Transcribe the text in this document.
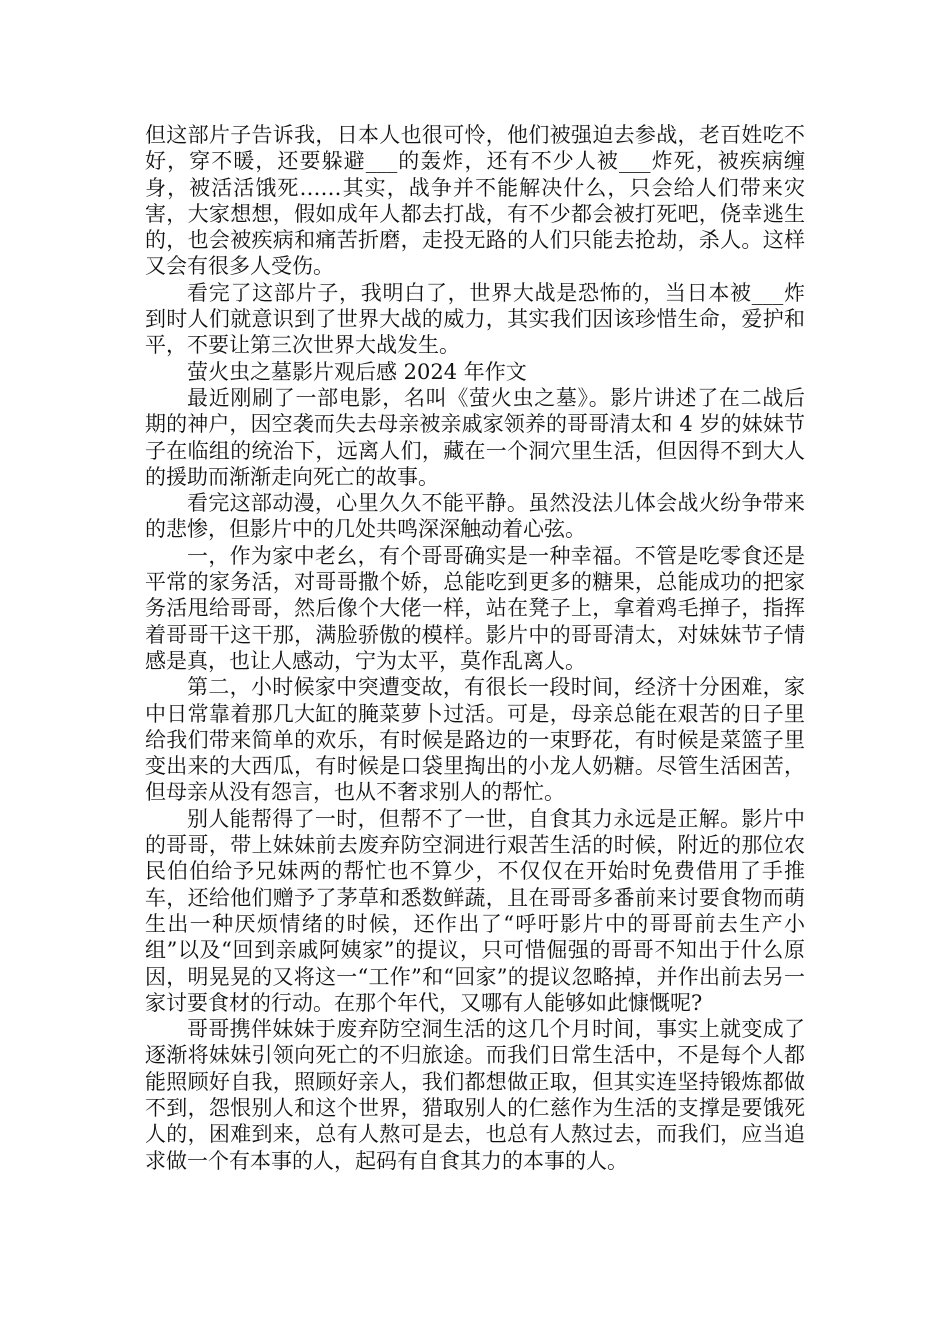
但这部片子告诉我，日本人也很可怜，他们被强迫去参战，老百姓吃不好，穿不暖，还要躲避___的轰炸，还有不少人被___炸死，被疾病缠身，被活活饿死……其实，战争并不能解决什么，只会给人们带来灾害，大家想想，假如成年人都去打战，有不少都会被打死吧，侥幸逃生的，也会被疾病和痛苦折磨，走投无路的人们只能去抢劫，杀人。这样又会有很多人受伤。

看完了这部片子，我明白了，世界大战是恐怖的，当日本被___炸到时人们就意识到了世界大战的威力，其实我们因该珍惜生命，爱护和平，不要让第三次世界大战发生。

萤火虫之墓影片观后感 2024 年作文

最近刚刷了一部电影，名叫《萤火虫之墓》。影片讲述了在二战后期的神户，因空袭而失去母亲被亲戚家领养的哥哥清太和 4 岁的妹妹节子在临组的统治下，远离人们，藏在一个洞穴里生活，但因得不到大人的援助而渐渐走向死亡的故事。

看完这部动漫，心里久久不能平静。虽然没法儿体会战火纷争带来的悲惨，但影片中的几处共鸣深深触动着心弦。

一，作为家中老幺，有个哥哥确实是一种幸福。不管是吃零食还是平常的家务活，对哥哥撒个娇，总能吃到更多的糖果，总能成功的把家务活甩给哥哥，然后像个大佬一样，站在凳子上，拿着鸡毛掸子，指挥着哥哥干这干那，满脸骄傲的模样。影片中的哥哥清太，对妹妹节子情感是真，也让人感动，宁为太平，莫作乱离人。

第二，小时候家中突遭变故，有很长一段时间，经济十分困难，家中日常靠着那几大缸的腌菜萝卜过活。可是，母亲总能在艰苦的日子里给我们带来简单的欢乐，有时候是路边的一束野花，有时候是菜篮子里变出来的大西瓜，有时候是口袋里掏出的小龙人奶糖。尽管生活困苦，但母亲从没有怨言，也从不奢求别人的帮忙。

别人能帮得了一时，但帮不了一世，自食其力永远是正解。影片中的哥哥，带上妹妹前去废弃防空洞进行艰苦生活的时候，附近的那位农民伯伯给予兄妹两的帮忙也不算少，不仅仅在开始时免费借用了手推车，还给他们赠予了茅草和悉数鲜蔬，且在哥哥多番前来讨要食物而萌生出一种厌烦情绪的时候，还作出了“呼吁影片中的哥哥前去生产小组”以及“回到亲戚阿姨家”的提议，只可惜倔强的哥哥不知出于什么原因，明晃晃的又将这一“工作”和“回家”的提议忽略掉，并作出前去另一家讨要食材的行动。在那个年代，又哪有人能够如此慷慨呢?

哥哥携伴妹妹于废弃防空洞生活的这几个月时间，事实上就变成了逐渐将妹妹引领向死亡的不归旅途。而我们日常生活中，不是每个人都能照顾好自我，照顾好亲人，我们都想做正取，但其实连坚持锻炼都做不到，怨恨别人和这个世界，猎取别人的仁慈作为生活的支撑是要饿死人的，困难到来，总有人熬可是去，也总有人熬过去，而我们，应当追求做一个有本事的人，起码有自食其力的本事的人。
